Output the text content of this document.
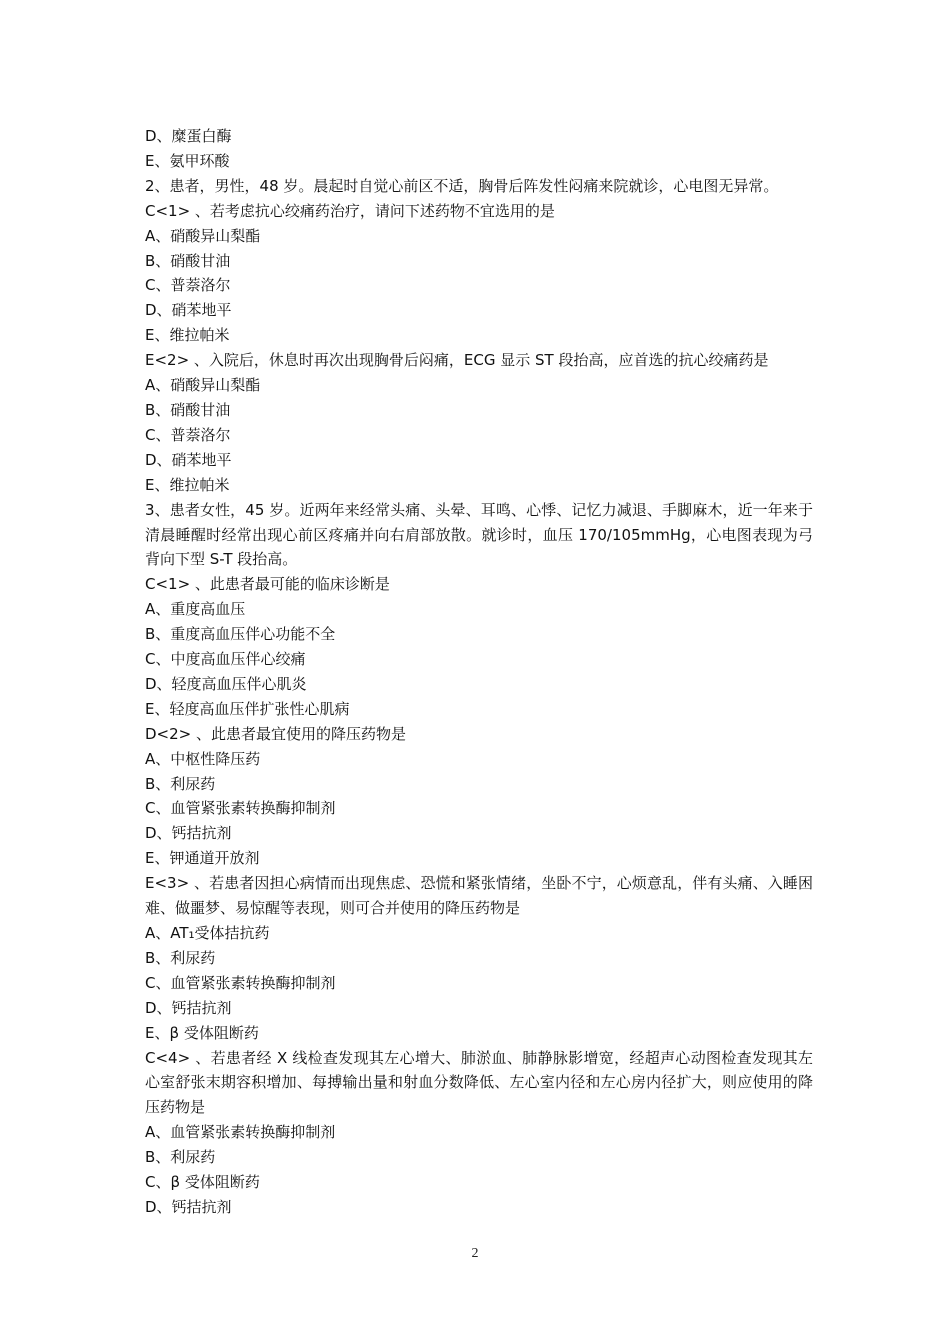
D、糜蛋白酶
E、氨甲环酸
2、患者，男性，48 岁。晨起时自觉心前区不适，胸骨后阵发性闷痛来院就诊，心电图无异常。
C<1> 、若考虑抗心绞痛药治疗，请问下述药物不宜选用的是
A、硝酸异山梨酯
B、硝酸甘油
C、普萘洛尔
D、硝苯地平
E、维拉帕米
E<2> 、入院后，休息时再次出现胸骨后闷痛，ECG 显示 ST 段抬高，应首选的抗心绞痛药是
A、硝酸异山梨酯
B、硝酸甘油
C、普萘洛尔
D、硝苯地平
E、维拉帕米
3、患者女性，45 岁。近两年来经常头痛、头晕、耳鸣、心悸、记忆力减退、手脚麻木，近一年来于清晨睡醒时经常出现心前区疼痛并向右肩部放散。就诊时，血压 170/105mmHg，心电图表现为弓背向下型 S-T 段抬高。
C<1> 、此患者最可能的临床诊断是
A、重度高血压
B、重度高血压伴心功能不全
C、中度高血压伴心绞痛
D、轻度高血压伴心肌炎
E、轻度高血压伴扩张性心肌病
D<2> 、此患者最宜使用的降压药物是
A、中枢性降压药
B、利尿药
C、血管紧张素转换酶抑制剂
D、钙拮抗剂
E、钾通道开放剂
E<3> 、若患者因担心病情而出现焦虑、恐慌和紧张情绪，坐卧不宁，心烦意乱，伴有头痛、入睡困难、做噩梦、易惊醒等表现，则可合并使用的降压药物是
A、AT₁受体拮抗药
B、利尿药
C、血管紧张素转换酶抑制剂
D、钙拮抗剂
E、β 受体阻断药
C<4> 、若患者经 X 线检查发现其左心增大、肺淤血、肺静脉影增宽，经超声心动图检查发现其左心室舒张末期容积增加、每搏输出量和射血分数降低、左心室内径和左心房内径扩大，则应使用的降压药物是
A、血管紧张素转换酶抑制剂
B、利尿药
C、β 受体阻断药
D、钙拮抗剂
2
